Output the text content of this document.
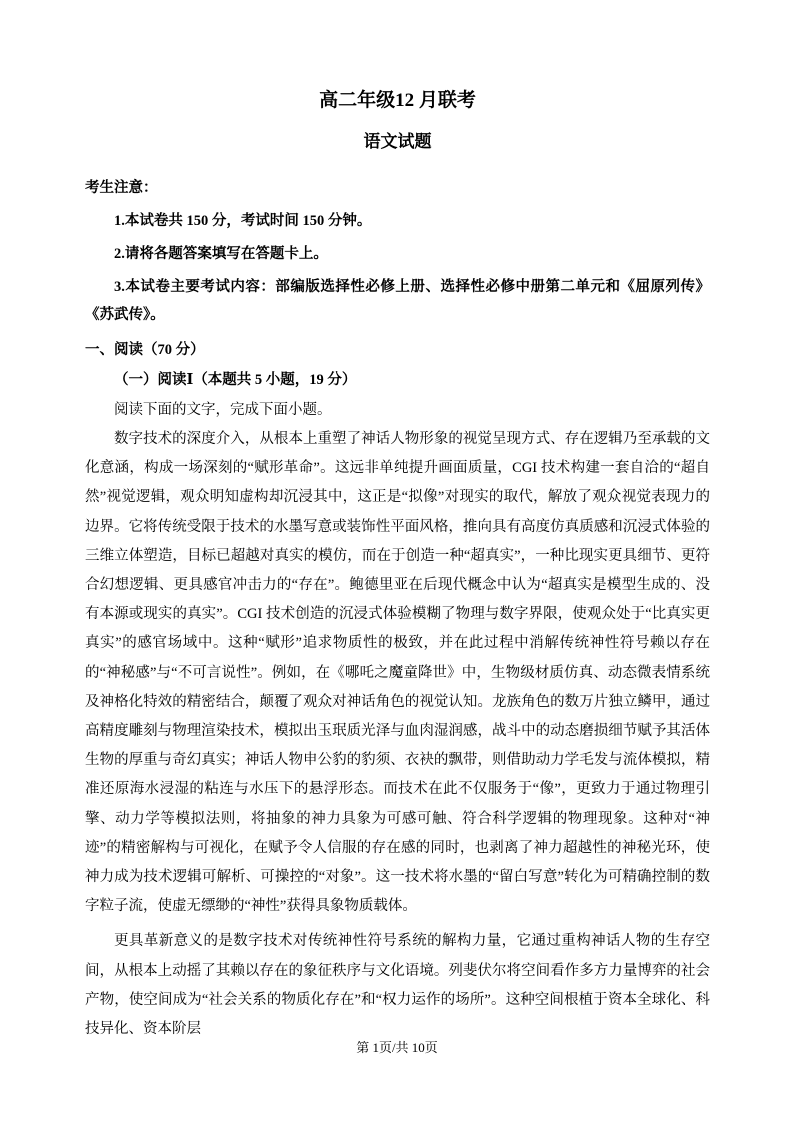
高二年级12 月联考
语文试题
考生注意：

1.本试卷共 150 分，考试时间 150 分钟。

2.请将各题答案填写在答题卡上。

3.本试卷主要考试内容：部编版选择性必修上册、选择性必修中册第二单元和《屈原列传》《苏武传》。

一、阅读（70 分）
（一）阅读Ⅰ（本题共 5 小题，19 分）

阅读下面的文字，完成下面小题。

数字技术的深度介入，从根本上重塑了神话人物形象的视觉呈现方式、存在逻辑乃至承载的文化意涵，构成一场深刻的“赋形革命”。这远非单纯提升画面质量，CGI 技术构建一套自洽的“超自然”视觉逻辑，观众明知虚构却沉浸其中，这正是“拟像”对现实的取代，解放了观众视觉表现力的边界。它将传统受限于技术的水墨写意或装饰性平面风格，推向具有高度仿真质感和沉浸式体验的三维立体塑造，目标已超越对真实的模仿，而在于创造一种“超真实”，一种比现实更具细节、更符合幻想逻辑、更具感官冲击力的“存在”。鲍德里亚在后现代概念中认为“超真实是模型生成的、没有本源或现实的真实”。CGI 技术创造的沉浸式体验模糊了物理与数字界限，使观众处于“比真实更真实”的感官场域中。这种“赋形”追求物质性的极致，并在此过程中消解传统神性符号赖以存在的“神秘感”与“不可言说性”。例如，在《哪吒之魔童降世》中，生物级材质仿真、动态微表情系统及神格化特效的精密结合，颠覆了观众对神话角色的视觉认知。龙族角色的数万片独立鳞甲，通过高精度雕刻与物理渲染技术，模拟出玉珉质光泽与血肉湿润感，战斗中的动态磨损细节赋予其活体生物的厚重与奇幻真实；神话人物申公豹的豹须、衣袂的飘带，则借助动力学毛发与流体模拟，精准还原海水浸湿的粘连与水压下的悬浮形态。而技术在此不仅服务于“像”，更致力于通过物理引擎、动力学等模拟法则，将抽象的神力具象为可感可触、符合科学逻辑的物理现象。这种对“神迹”的精密解构与可视化，在赋予令人信服的存在感的同时，也剥离了神力超越性的神秘光环，使神力成为技术逻辑可解析、可操控的“对象”。这一技术将水墨的“留白写意”转化为可精确控制的数字粒子流，使虚无缥缈的“神性”获得具象物质载体。

更具革新意义的是数字技术对传统神性符号系统的解构力量，它通过重构神话人物的生存空间，从根本上动摇了其赖以存在的象征秩序与文化语境。列斐伏尔将空间看作多方力量博弈的社会产物，使空间成为“社会关系的物质化存在”和“权力运作的场所”。这种空间根植于资本全球化、科技异化、资本阶层

第 1页/共 10页
